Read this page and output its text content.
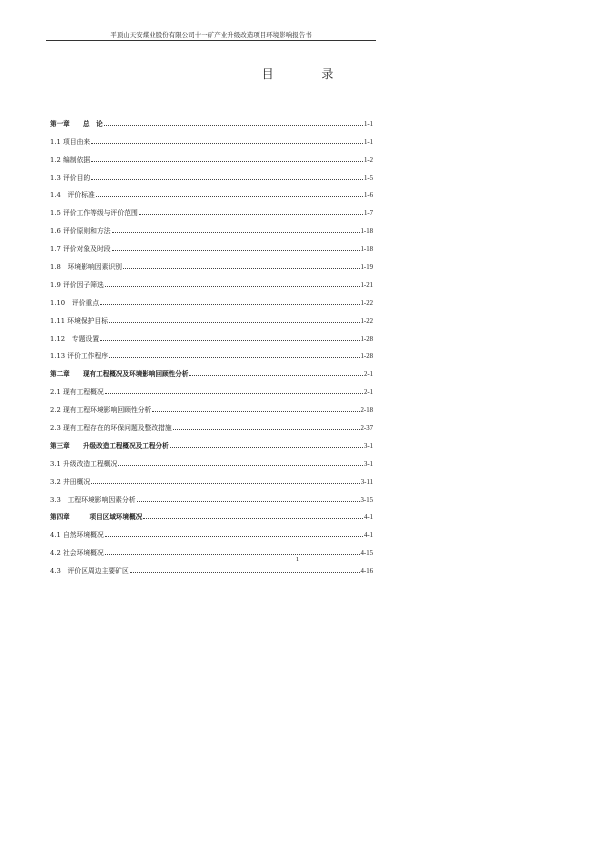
平顶山天安煤业股份有限公司十一矿产业升级改造项目环境影响报告书
目 录
第一章　　总　论	1-1
1.1 项目由来	1-1
1.2 编制依据	1-2
1.3 评价目的	1-5
1.4　评价标准	1-6
1.5 评价工作等级与评价范围	1-7
1.6 评价原则和方法	1-18
1.7 评价对象及时段	1-18
1.8　环境影响因素识别	1-19
1.9 评价因子筛选	1-21
1.10　评价重点	1-22
1.11 环境保护目标	1-22
1.12　专题设置	1-28
1.13 评价工作程序	1-28
第二章　　现有工程概况及环境影响回顾性分析	2-1
2.1 现有工程概况	2-1
2.2 现有工程环境影响回顾性分析	2-18
2.3 现有工程存在的环保问题及整改措施	2-37
第三章　　升级改造工程概况及工程分析	3-1
3.1 升级改造工程概况	3-1
3.2 井田概况	3-11
3.3　工程环境影响因素分析	3-15
第四章　　　项目区域环境概况	4-1
4.1 自然环境概况	4-1
4.2 社会环境概况	4-15
4.3　评价区周边主要矿区	4-16
1
